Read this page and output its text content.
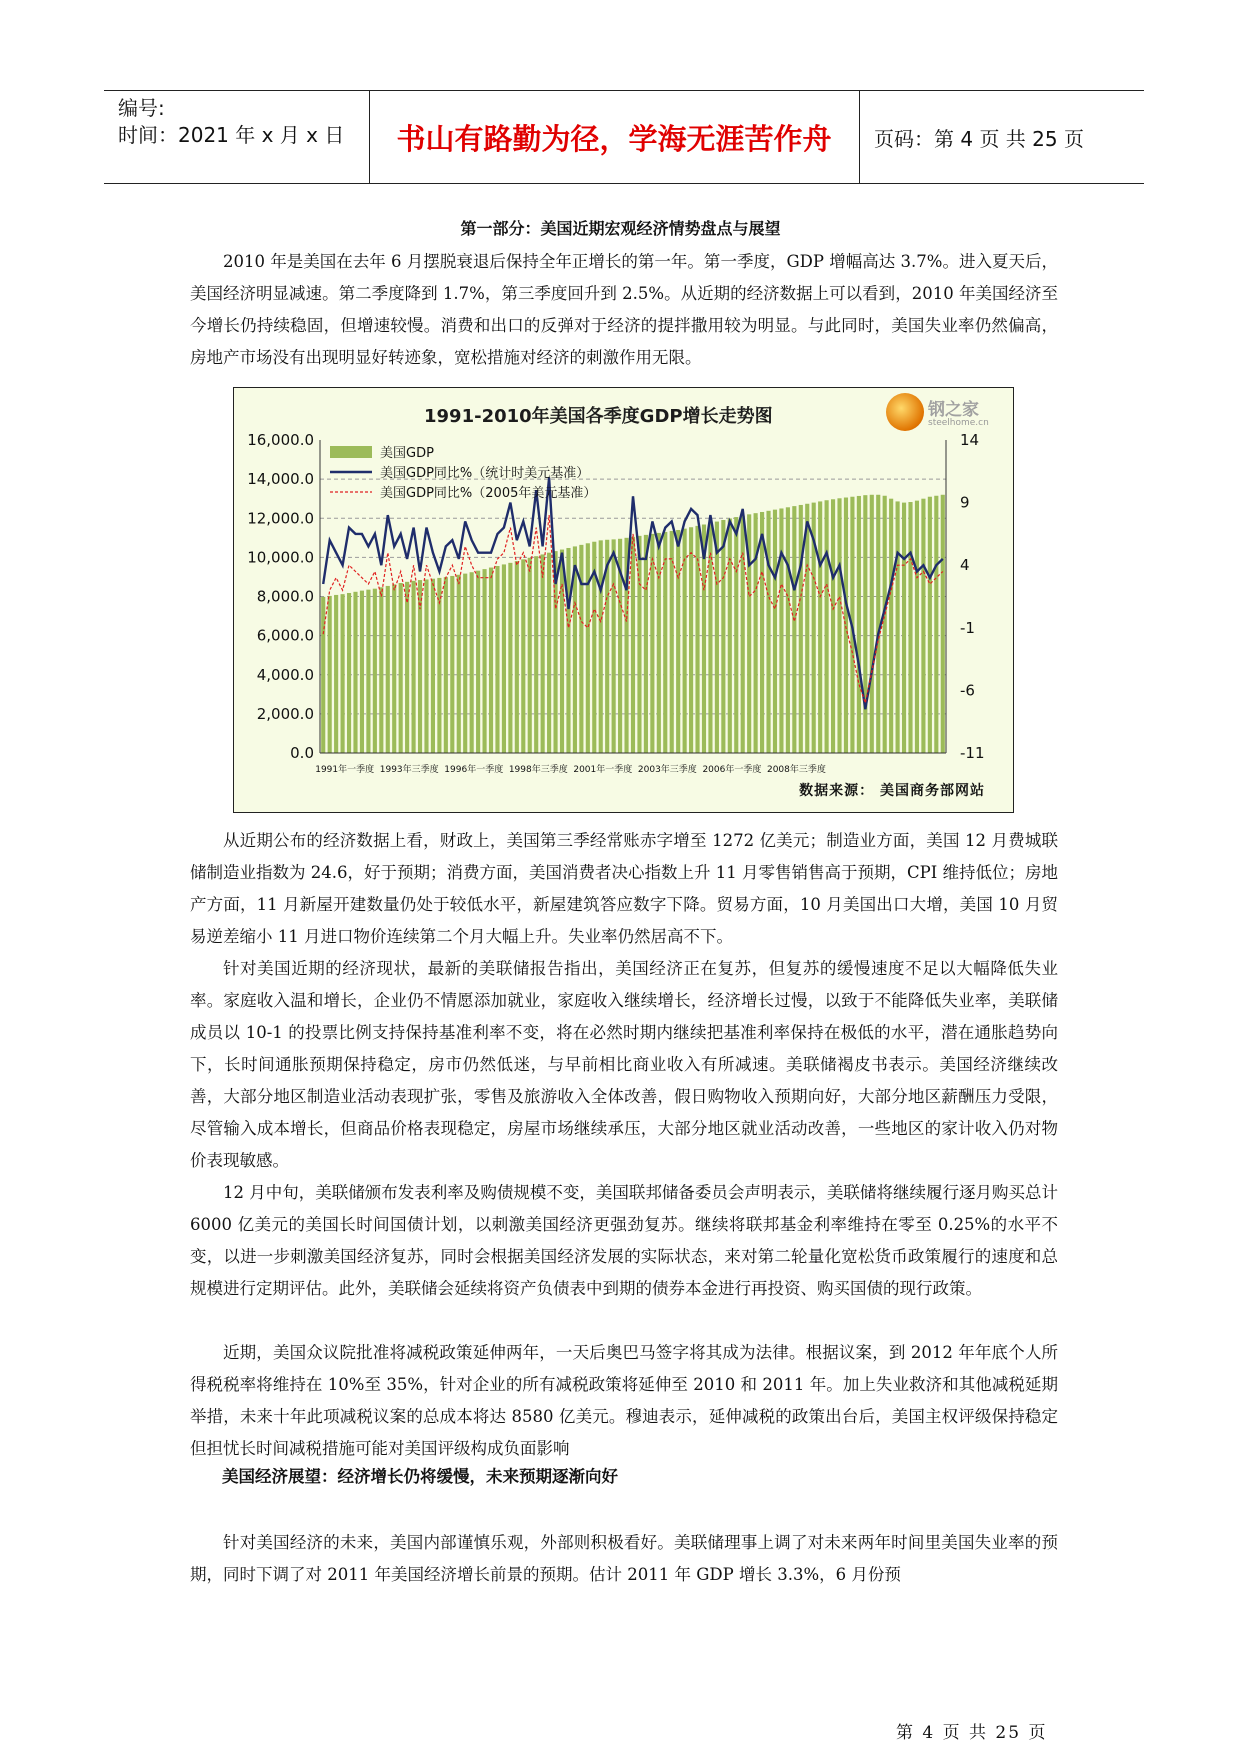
编号:
时间：2021 年 x 月 x 日	书山有路勤为径，学海无涯苦作舟	页码：第 4 页 共 25 页
第一部分：美国近期宏观经济情势盘点与展望

2010 年是美国在去年 6 月摆脱衰退后保持全年正增长的第一年。第一季度，GDP 增幅高达 3.7%。进入夏天后，美国经济明显减速。第二季度降到 1.7%，第三季度回升到 2.5%。从近期的经济数据上可以看到，2010 年美国经济至今增长仍持续稳固，但增速较慢。消费和出口的反弹对于经济的提拌撒用较为明显。与此同时，美国失业率仍然偏高，房地产市场没有出现明显好转迹象，宽松措施对经济的刺激作用无限。

16,000.0
14,000.0
12,000.0
10,000.0
8,000.0
6,000.0
4,000.0
2,000.0
0.0
14
9
4
-1
-6
-11
1991年一季度 1993年三季度 1996年一季度 1998年三季度 2001年一季度 2003年三季度 2006年一季度 2008年三季度
美国GDP
美国GDP同比%（统计时美元基准）
美国GDP同比%（2005年美元基准）
1991-2010年美国各季度GDP增长走势图	钢之家
steelhome.cn
数据来源： 美国商务部网站

从近期公布的经济数据上看，财政上，美国第三季经常账赤字增至 1272 亿美元；制造业方面，美国 12 月费城联储制造业指数为 24.6，好于预期；消费方面，美国消费者决心指数上升 11 月零售销售高于预期，CPI 维持低位；房地产方面，11 月新屋开建数量仍处于较低水平，新屋建筑答应数字下降。贸易方面，10 月美国出口大增，美国 10 月贸易逆差缩小 11 月进口物价连续第二个月大幅上升。失业率仍然居高不下。

针对美国近期的经济现状，最新的美联储报告指出，美国经济正在复苏，但复苏的缓慢速度不足以大幅降低失业率。家庭收入温和增长，企业仍不情愿添加就业，家庭收入继续增长，经济增长过慢，以致于不能降低失业率，美联储成员以 10-1 的投票比例支持保持基准利率不变，将在必然时期内继续把基准利率保持在极低的水平，潜在通胀趋势向下，长时间通胀预期保持稳定，房市仍然低迷，与早前相比商业收入有所减速。美联储褐皮书表示。美国经济继续改善，大部分地区制造业活动表现扩张，零售及旅游收入全体改善，假日购物收入预期向好，大部分地区薪酬压力受限，尽管输入成本增长，但商品价格表现稳定，房屋市场继续承压，大部分地区就业活动改善，一些地区的家计收入仍对物价表现敏感。

12 月中旬，美联储颁布发表利率及购债规模不变，美国联邦储备委员会声明表示，美联储将继续履行逐月购买总计 6000 亿美元的美国长时间国债计划，以刺激美国经济更强劲复苏。继续将联邦基金利率维持在零至 0.25%的水平不变，以进一步刺激美国经济复苏，同时会根据美国经济发展的实际状态，来对第二轮量化宽松货币政策履行的速度和总规模进行定期评估。此外，美联储会延续将资产负债表中到期的债券本金进行再投资、购买国债的现行政策。

近期，美国众议院批准将减税政策延伸两年，一天后奥巴马签字将其成为法律。根据议案，到 2012 年年底个人所得税税率将维持在 10%至 35%，针对企业的所有减税政策将延伸至 2010 和 2011 年。加上失业救济和其他减税延期举措，未来十年此项减税议案的总成本将达 8580 亿美元。穆迪表示，延伸减税的政策出台后，美国主权评级保持稳定但担忧长时间减税措施可能对美国评级构成负面影响

美国经济展望：经济增长仍将缓慢，未来预期逐渐向好

针对美国经济的未来，美国内部谨慎乐观，外部则积极看好。美联储理事上调了对未来两年时间里美国失业率的预期，同时下调了对 2011 年美国经济增长前景的预期。估计 2011 年 GDP 增长 3.3%，6 月份预

第 4 页 共 25 页
